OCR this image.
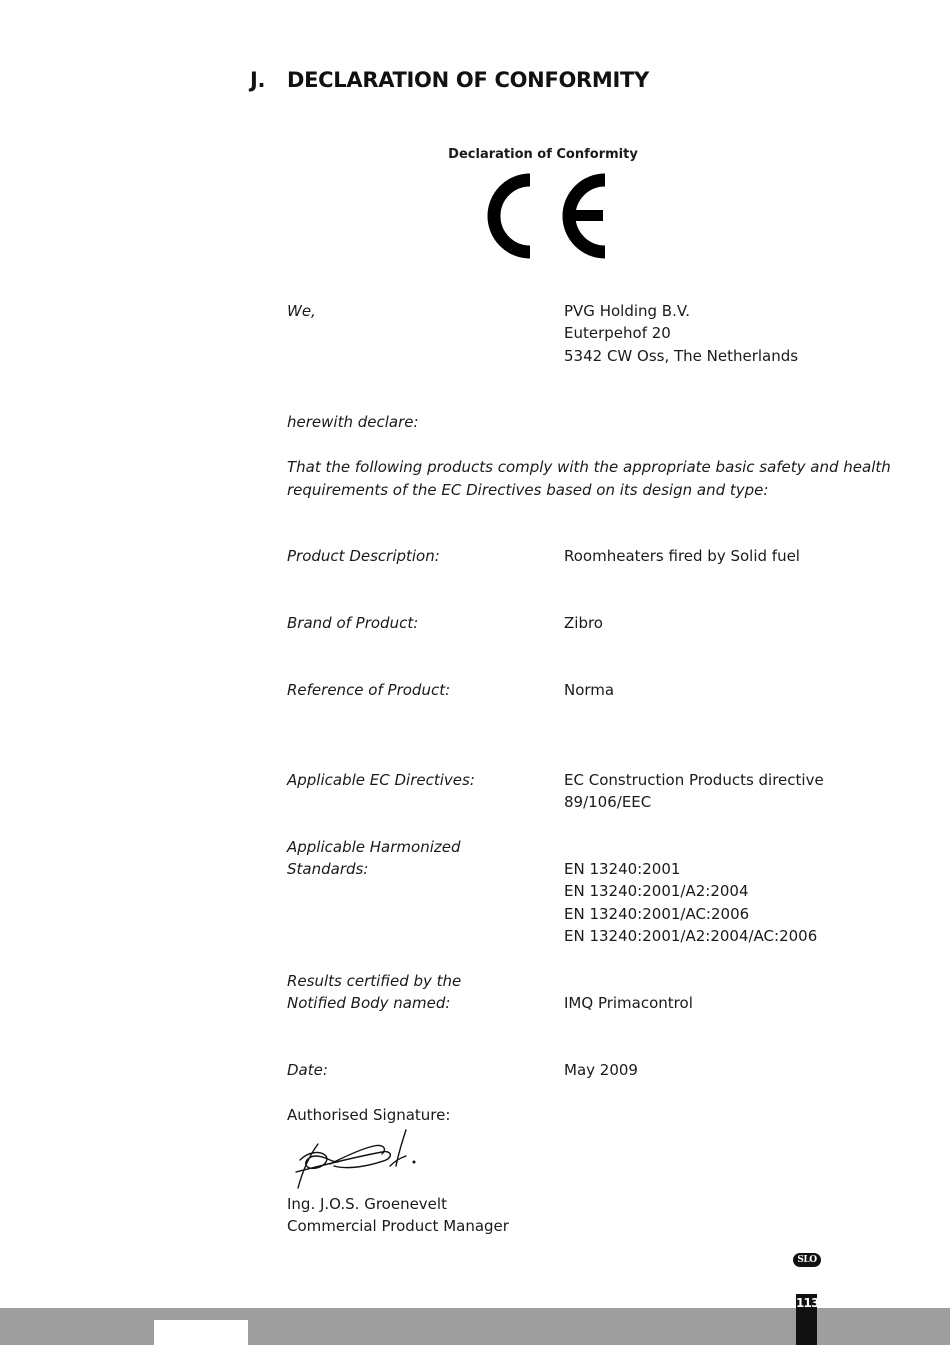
J. DECLARATION OF CONFORMITY
Declaration of Conformity
We,	PVG Holding B.V.
Euterpehof 20
5342 CW Oss, The Netherlands
herewith declare:
That the following products comply with the appropriate basic safety and health
requirements of the EC Directives based on its design and type:
Product Description:	Roomheaters fired by Solid fuel
Brand of Product:	Zibro
Reference of Product:	Norma
Applicable EC Directives:	EC Construction Products directive
89/106/EEC
Applicable Harmonized
Standards:	EN 13240:2001
EN 13240:2001/A2:2004
EN 13240:2001/AC:2006
EN 13240:2001/A2:2004/AC:2006
Results certified by the
Notified Body named:	IMQ Primacontrol
Date:	May 2009
Authorised Signature:
Ing. J.O.S. Groenevelt
Commercial Product Manager
SLO
113
